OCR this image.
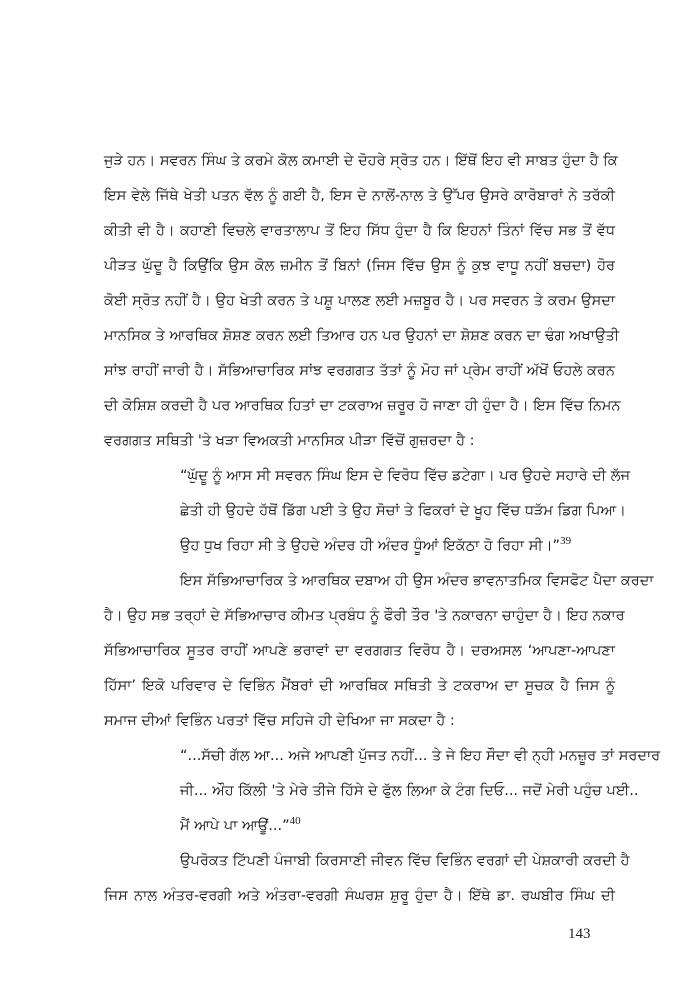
ਜੁੜੇ ਹਨ। ਸਵਰਨ ਸਿੰਘ ਤੇ ਕਰਮੇ ਕੋਲ ਕਮਾਈ ਦੇ ਦੋਹਰੇ ਸ੍ਰੋਤ ਹਨ। ਇੱਥੋਂ ਇਹ ਵੀ ਸਾਬਤ ਹੁੰਦਾ ਹੈ ਕਿ
ਇਸ ਵੇਲੇ ਜਿੱਥੇ ਖੇਤੀ ਪਤਨ ਵੱਲ ਨੂੰ ਗਈ ਹੈ, ਇਸ ਦੇ ਨਾਲੋਂ-ਨਾਲ ਤੇ ਉੱਪਰ ਉਸਰੇ ਕਾਰੋਬਾਰਾਂ ਨੇ ਤਰੱਕੀ
ਕੀਤੀ ਵੀ ਹੈ। ਕਹਾਣੀ ਵਿਚਲੇ ਵਾਰਤਾਲਾਪ ਤੋਂ ਇਹ ਸਿੱਧ ਹੁੰਦਾ ਹੈ ਕਿ ਇਹਨਾਂ ਤਿੰਨਾਂ ਵਿੱਚ ਸਭ ਤੋਂ ਵੱਧ
ਪੀੜਤ ਘੁੱਦੂ ਹੈ ਕਿਉਂਕਿ ਉਸ ਕੋਲ ਜ਼ਮੀਨ ਤੋਂ ਬਿਨਾਂ (ਜਿਸ ਵਿੱਚ ਉਸ ਨੂੰ ਕੁਝ ਵਾਧੂ ਨਹੀਂ ਬਚਦਾ) ਹੋਰ
ਕੋਈ ਸ੍ਰੋਤ ਨਹੀਂ ਹੈ। ਉਹ ਖੇਤੀ ਕਰਨ ਤੇ ਪਸ਼ੂ ਪਾਲਣ ਲਈ ਮਜ਼ਬੂਰ ਹੈ। ਪਰ ਸਵਰਨ ਤੇ ਕਰਮ ਉਸਦਾ
ਮਾਨਸਿਕ ਤੇ ਆਰਥਿਕ ਸ਼ੋਸ਼ਣ ਕਰਨ ਲਈ ਤਿਆਰ ਹਨ ਪਰ ਉਹਨਾਂ ਦਾ ਸ਼ੋਸ਼ਣ ਕਰਨ ਦਾ ਢੰਗ ਅਖਾਉਤੀ
ਸਾਂਝ ਰਾਹੀਂ ਜਾਰੀ ਹੈ। ਸੱਭਿਆਚਾਰਿਕ ਸਾਂਝ ਵਰਗਗਤ ਤੱਤਾਂ ਨੂੰ ਮੋਹ ਜਾਂ ਪ੍ਰੇਮ ਰਾਹੀਂ ਅੱਖੋਂ ਓਹਲੇ ਕਰਨ
ਦੀ ਕੋਸ਼ਿਸ਼ ਕਰਦੀ ਹੈ ਪਰ ਆਰਥਿਕ ਹਿਤਾਂ ਦਾ ਟਕਰਾਅ ਜ਼ਰੂਰ ਹੋ ਜਾਣਾ ਹੀ ਹੁੰਦਾ ਹੈ। ਇਸ ਵਿੱਚ ਨਿਮਨ
ਵਰਗਗਤ ਸਥਿਤੀ 'ਤੇ ਖੜਾ ਵਿਅਕਤੀ ਮਾਨਸਿਕ ਪੀੜਾ ਵਿੱਚੋਂ ਗੁਜ਼ਰਦਾ ਹੈ :

“ਘੁੱਦੂ ਨੂੰ ਆਸ ਸੀ ਸਵਰਨ ਸਿੰਘ ਇਸ ਦੇ ਵਿਰੋਧ ਵਿੱਚ ਡਟੇਗਾ। ਪਰ ਉਹਦੇ ਸਹਾਰੇ ਦੀ ਲੱਜ
ਛੇਤੀ ਹੀ ਉਹਦੇ ਹੱਥੋਂ ਡਿੱਗ ਪਈ ਤੇ ਉਹ ਸੋਚਾਂ ਤੇ ਫਿਕਰਾਂ ਦੇ ਖੂਹ ਵਿੱਚ ਧੜੱਮ ਡਿਗ ਪਿਆ।
ਉਹ ਧੁਖ ਰਿਹਾ ਸੀ ਤੇ ਉਹਦੇ ਅੰਦਰ ਹੀ ਅੰਦਰ ਧੂੰਆਂ ਇਕੱਠਾ ਹੋ ਰਿਹਾ ਸੀ।”$^{39}$

ਇਸ ਸੱਭਿਆਚਾਰਿਕ ਤੇ ਆਰਥਿਕ ਦਬਾਅ ਹੀ ਉਸ ਅੰਦਰ ਭਾਵਨਾਤਮਿਕ ਵਿਸਫੋਟ ਪੈਦਾ ਕਰਦਾ
ਹੈ। ਉਹ ਸਭ ਤਰ੍ਹਾਂ ਦੇ ਸੱਭਿਆਚਾਰ ਕੀਮਤ ਪ੍ਰਬੰਧ ਨੂੰ ਫੌਰੀ ਤੌਰ 'ਤੇ ਨਕਾਰਨਾ ਚਾਹੁੰਦਾ ਹੈ। ਇਹ ਨਕਾਰ
ਸੱਭਿਆਚਾਰਿਕ ਸੂਤਰ ਰਾਹੀਂ ਆਪਣੇ ਭਰਾਵਾਂ ਦਾ ਵਰਗਗਤ ਵਿਰੋਧ ਹੈ। ਦਰਅਸਲ ‘ਆਪਣਾ-ਆਪਣਾ
ਹਿੱਸਾ’ ਇਕੋ ਪਰਿਵਾਰ ਦੇ ਵਿਭਿੰਨ ਮੈਂਬਰਾਂ ਦੀ ਆਰਥਿਕ ਸਥਿਤੀ ਤੇ ਟਕਰਾਅ ਦਾ ਸੂਚਕ ਹੈ ਜਿਸ ਨੂੰ
ਸਮਾਜ ਦੀਆਂ ਵਿਭਿੰਨ ਪਰਤਾਂ ਵਿੱਚ ਸਹਿਜੇ ਹੀ ਦੇਖਿਆ ਜਾ ਸਕਦਾ ਹੈ :

“...ਸੱਚੀ ਗੱਲ ਆ... ਅਜੇ ਆਪਣੀ ਪੁੱਜਤ ਨਹੀਂ... ਤੇ ਜੇ ਇਹ ਸੌਦਾ ਵੀ ਨ੍ਹੀ ਮਨਜ਼ੂਰ ਤਾਂ ਸਰਦਾਰ
ਜੀ... ਔਹ ਕਿੱਲੀ 'ਤੇ ਮੇਰੇ ਤੀਜੇ ਹਿੱਸੇ ਦੇ ਫੁੱਲ ਲਿਆ ਕੇ ਟੰਗ ਦਿਓ... ਜਦੋਂ ਮੇਰੀ ਪਹੁੰਚ ਪਈ..
ਮੈਂ ਆਪੇ ਪਾ ਆਊਂ...”$^{40}$

ਉਪਰੋਕਤ ਟਿੱਪਣੀ ਪੰਜਾਬੀ ਕਿਰਸਾਣੀ ਜੀਵਨ ਵਿੱਚ ਵਿਭਿੰਨ ਵਰਗਾਂ ਦੀ ਪੇਸ਼ਕਾਰੀ ਕਰਦੀ ਹੈ
ਜਿਸ ਨਾਲ ਅੰਤਰ-ਵਰਗੀ ਅਤੇ ਅੰਤਰਾ-ਵਰਗੀ ਸੰਘਰਸ਼ ਸ਼ੁਰੂ ਹੁੰਦਾ ਹੈ। ਇੱਥੇ ਡਾ. ਰਘਬੀਰ ਸਿੰਘ ਦੀ

143
